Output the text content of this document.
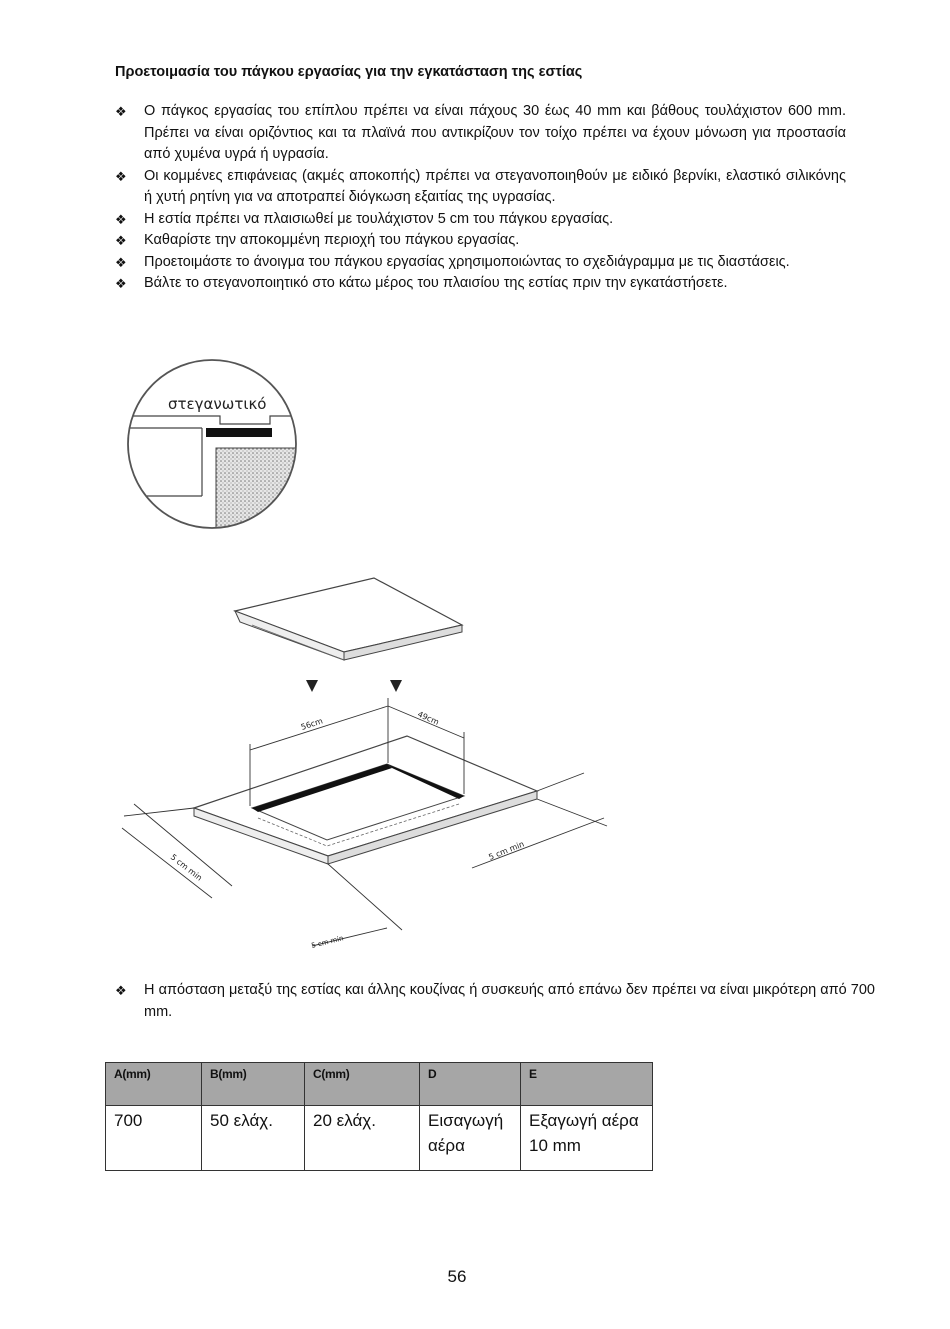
Προετοιμασία του πάγκου εργασίας για την εγκατάσταση της εστίας
❖ Ο πάγκος εργασίας του επίπλου πρέπει να είναι πάχους 30 έως 40 mm και βάθους τουλάχιστον 600 mm. Πρέπει να είναι οριζόντιος και τα πλαϊνά που αντικρίζουν τον τοίχο πρέπει να έχουν μόνωση για προστασία από χυμένα υγρά ή υγρασία.
❖ Οι κομμένες επιφάνειας (ακμές αποκοπής) πρέπει να στεγανοποιηθούν με ειδικό βερνίκι, ελαστικό σιλικόνης ή χυτή ρητίνη για να αποτραπεί διόγκωση εξαιτίας της υγρασίας.
❖ Η εστία πρέπει να πλαισιωθεί με τουλάχιστον 5 cm του πάγκου εργασίας.
❖ Καθαρίστε την αποκομμένη περιοχή του πάγκου εργασίας.
❖ Προετοιμάστε το άνοιγμα του πάγκου εργασίας χρησιμοποιώντας το σχεδιάγραμμα με τις διαστάσεις.
❖ Βάλτε το στεγανοποιητικό στο κάτω μέρος του πλαισίου της εστίας πριν την εγκατάστήσετε.
στεγανωτικό
56cm	49cm
5 cm min
5 cm min
5 cm min
❖ Η απόσταση μεταξύ της εστίας και άλλης κουζίνας ή συσκευής από επάνω δεν πρέπει να είναι μικρότερη από 700 mm.
A(mm)	B(mm)	C(mm)	D	E
700	50 ελάχ.	20 ελάχ.	Εισαγωγή αέρα	Εξαγωγή αέρα 10 mm
56
